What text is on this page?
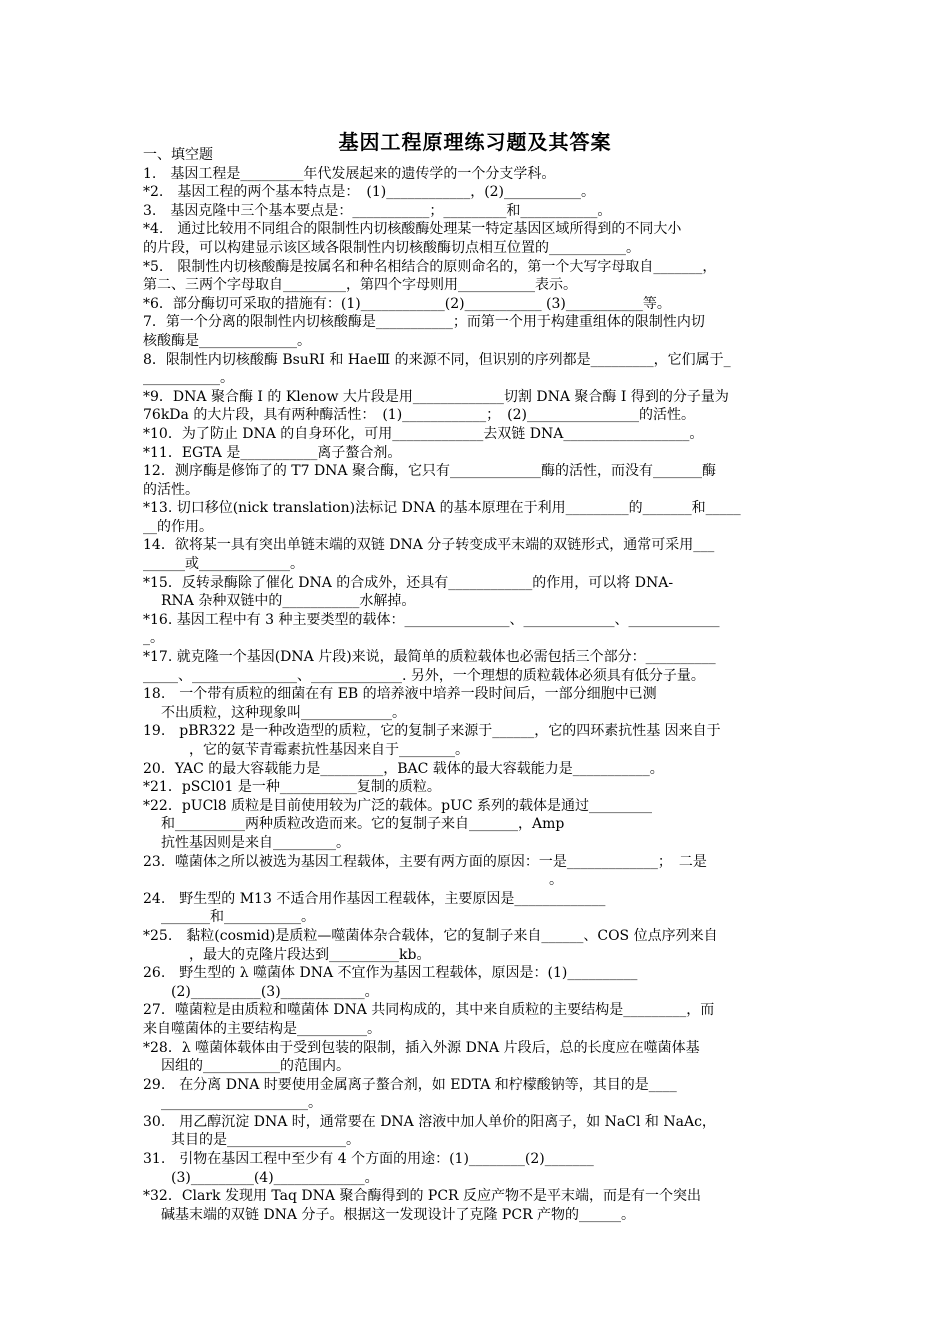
基因工程原理练习题及其答案
一、填空题
1.　基因工程是_________年代发展起来的遗传学的一个分支学科。
*2.　基因工程的两个基本特点是：　(1)____________，(2)___________。
3.　基因克隆中三个基本要点是：___________；_________和___________。
*4.　通过比较用不同组合的限制性内切核酸酶处理某一特定基因区域所得到的不同大小
的片段，可以构建显示该区域各限制性内切核酸酶切点相互位置的___________。
*5.　限制性内切核酸酶是按属名和种名相结合的原则命名的，第一个大写字母取自_______，
第二、三两个字母取自_________，第四个字母则用___________表示。
*6．部分酶切可采取的措施有：(1)____________(2)___________ (3)___________等。
7．第一个分离的限制性内切核酸酶是___________；而第一个用于构建重组体的限制性内切
核酸酶是______________。
8．限制性内切核酸酶 BsuRI 和 HaeⅢ 的来源不同，但识别的序列都是_________，它们属于_
___________。
*9．DNA 聚合酶 I 的 Klenow 大片段是用_____________切割 DNA 聚合酶 I 得到的分子量为
76kDa 的大片段，具有两种酶活性：　(1)____________；　(2)________________的活性。
*10．为了防止 DNA 的自身环化，可用_____________去双链 DNA__________________。
*11．EGTA 是___________离子螯合剂。
12．测序酶是修饰了的 T7 DNA 聚合酶，它只有_____________酶的活性，而没有_______酶
的活性。
*13. 切口移位(nick translation)法标记 DNA 的基本原理在于利用_________的_______和_____
__的作用。
14．欲将某一具有突出单链末端的双链 DNA 分子转变成平末端的双链形式，通常可采用___
______或_____________。
*15．反转录酶除了催化 DNA 的合成外，还具有____________的作用，可以将 DNA-
RNA 杂种双链中的___________水解掉。
*16. 基因工程中有 3 种主要类型的载体：_______________、_____________、_____________
_。
*17. 就克隆一个基因(DNA 片段)来说，最简单的质粒载体也必需包括三个部分：__________
_____、_______________、_____________. 另外，一个理想的质粒载体必须具有低分子量。
18.　一个带有质粒的细菌在有 EB 的培养液中培养一段时间后，一部分细胞中已测
不出质粒，这种现象叫_____________。
19.　pBR322 是一种改造型的质粒，它的复制子来源于______，它的四环素抗性基 因来自于
，它的氨苄青霉素抗性基因来自于________。
20．YAC 的最大容载能力是_________，BAC 载体的最大容载能力是___________。
*21．pSCl01 是一种___________复制的质粒。
*22．pUCl8 质粒是目前使用较为广泛的载体。pUC 系列的载体是通过_________
和__________两种质粒改造而来。它的复制子来自_______，Amp
抗性基因则是来自_________。
23．噬菌体之所以被选为基因工程载体，主要有两方面的原因：一是_____________；　二是
　　　　　　　　　　　　　　　　　　　　　　　　　　　　　。
24.　野生型的 M13 不适合用作基因工程载体，主要原因是_____________
_______和___________。
*25.　黏粒(cosmid)是质粒—噬菌体杂合载体，它的复制子来自______、COS 位点序列来自
，最大的克隆片段达到__________kb。
26.　野生型的 λ 噬菌体 DNA 不宜作为基因工程载体，原因是：(1)__________
(2)__________(3)____________。
27．噬菌粒是由质粒和噬菌体 DNA 共同构成的，其中来自质粒的主要结构是_________，而
来自噬菌体的主要结构是__________。
*28．λ 噬菌体载体由于受到包装的限制，插入外源 DNA 片段后，总的长度应在噬菌体基
因组的___________的范围内。
29.　在分离 DNA 时要使用金属离子螯合剂，如 EDTA 和柠檬酸钠等，其目的是____
_____________________。
30.　用乙醇沉淀 DNA 时，通常要在 DNA 溶液中加人单价的阳离子，如 NaCl 和 NaAc，
其目的是_________________。
31.　引物在基因工程中至少有 4 个方面的用途：(1)________(2)_______
(3)_________(4)_____________。
*32．Clark 发现用 Taq DNA 聚合酶得到的 PCR 反应产物不是平末端，而是有一个突出
碱基末端的双链 DNA 分子。根据这一发现设计了克隆 PCR 产物的______。
